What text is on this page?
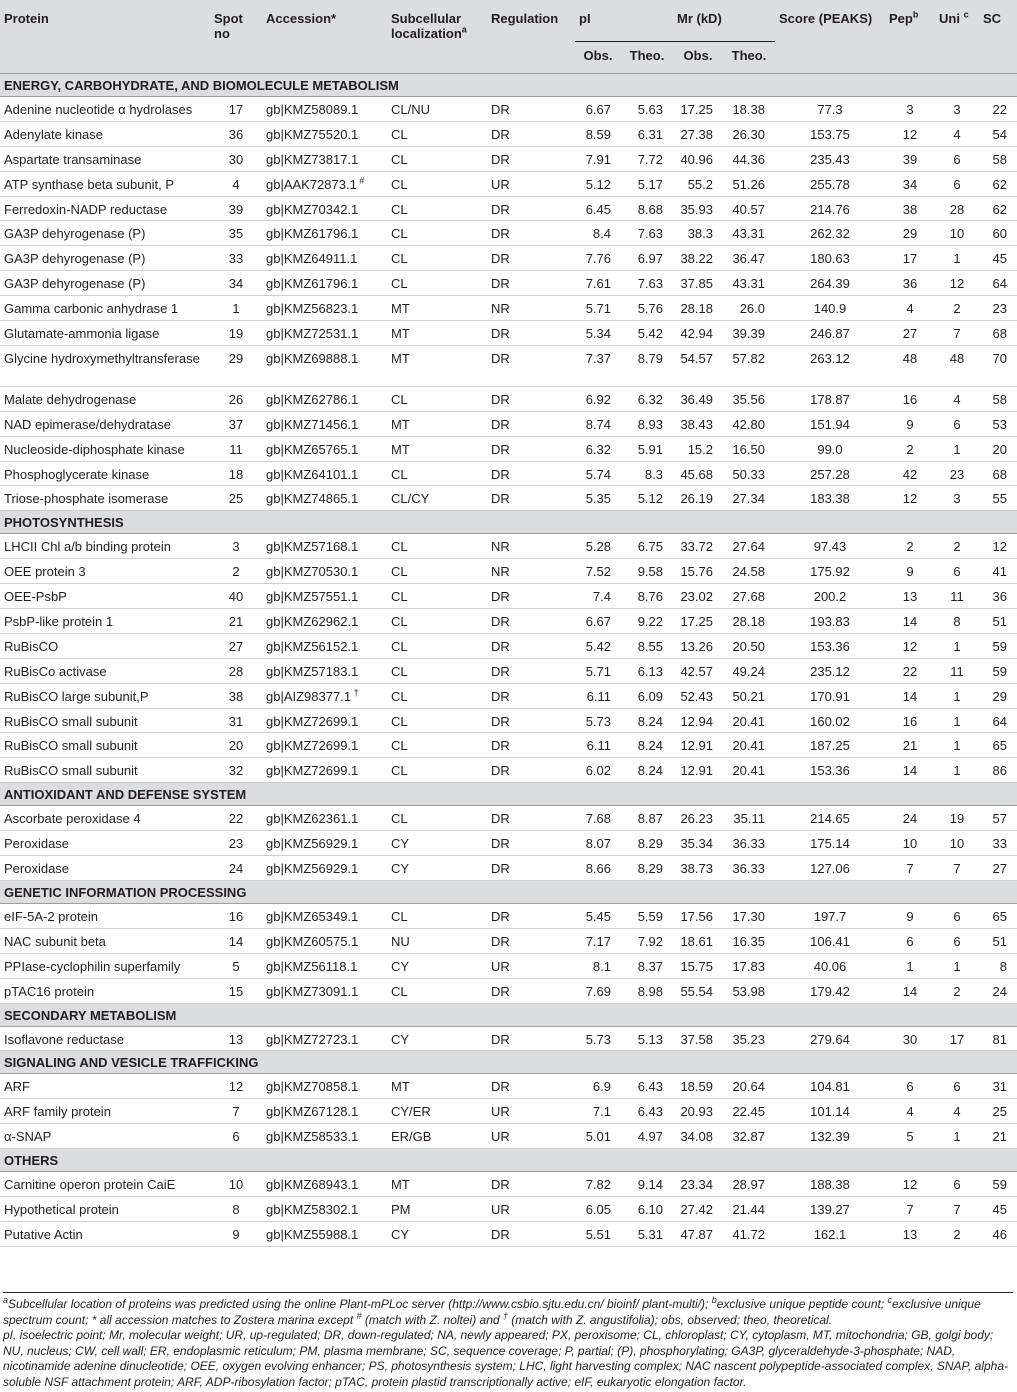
Protein	Spot no	Accession*	Subcellular localization$^a$	Regulation	pI		Mr (kD)		Score (PEAKS)	Pep$^b$	Uni $^c$	SC
					Obs.	Theo.	Obs.	Theo.				
ENERGY, CARBOHYDRATE, AND BIOMOLECULE METABOLISM												
Adenine nucleotide α hydrolases	17	gb|KMZ58089.1	CL/NU	DR	6.67	5.63	17.25	18.38	77.3	3	3	22
Adenylate kinase	36	gb|KMZ75520.1	CL	DR	8.59	6.31	27.38	26.30	153.75	12	4	54
Aspartate transaminase	30	gb|KMZ73817.1	CL	DR	7.91	7.72	40.96	44.36	235.43	39	6	58
ATP synthase beta subunit, P	4	gb|AAK72873.1 #	CL	UR	5.12	5.17	55.2	51.26	255.78	34	6	62
Ferredoxin-NADP reductase	39	gb|KMZ70342.1	CL	DR	6.45	8.68	35.93	40.57	214.76	38	28	62
GA3P dehyrogenase (P)	35	gb|KMZ61796.1	CL	DR	8.4	7.63	38.3	43.31	262.32	29	10	60
GA3P dehyrogenase (P)	33	gb|KMZ64911.1	CL	DR	7.76	6.97	38.22	36.47	180.63	17	1	45
GA3P dehyrogenase (P)	34	gb|KMZ61796.1	CL	DR	7.61	7.63	37.85	43.31	264.39	36	12	64
Gamma carbonic anhydrase 1	1	gb|KMZ56823.1	MT	NR	5.71	5.76	28.18	26.0	140.9	4	2	23
Glutamate-ammonia ligase	19	gb|KMZ72531.1	MT	DR	5.34	5.42	42.94	39.39	246.87	27	7	68
Glycine hydroxymethyltransferase	29	gb|KMZ69888.1	MT	DR	7.37	8.79	54.57	57.82	263.12	48	48	70
Malate dehydrogenase	26	gb|KMZ62786.1	CL	DR	6.92	6.32	36.49	35.56	178.87	16	4	58
NAD epimerase/dehydratase	37	gb|KMZ71456.1	MT	DR	8.74	8.93	38.43	42.80	151.94	9	6	53
Nucleoside-diphosphate kinase	11	gb|KMZ65765.1	MT	DR	6.32	5.91	15.2	16.50	99.0	2	1	20
Phosphoglycerate kinase	18	gb|KMZ64101.1	CL	DR	5.74	8.3	45.68	50.33	257.28	42	23	68
Triose-phosphate isomerase	25	gb|KMZ74865.1	CL/CY	DR	5.35	5.12	26.19	27.34	183.38	12	3	55
PHOTOSYNTHESIS												
LHCII Chl a/b binding protein	3	gb|KMZ57168.1	CL	NR	5.28	6.75	33.72	27.64	97.43	2	2	12
OEE protein 3	2	gb|KMZ70530.1	CL	NR	7.52	9.58	15.76	24.58	175.92	9	6	41
OEE-PsbP	40	gb|KMZ57551.1	CL	DR	7.4	8.76	23.02	27.68	200.2	13	11	36
PsbP-like protein 1	21	gb|KMZ62962.1	CL	DR	6.67	9.22	17.25	28.18	193.83	14	8	51
RuBisCO	27	gb|KMZ56152.1	CL	DR	5.42	8.55	13.26	20.50	153.36	12	1	59
RuBisCo activase	28	gb|KMZ57183.1	CL	DR	5.71	6.13	42.57	49.24	235.12	22	11	59
RuBisCO large subunit,P	38	gb|AIZ98377.1 †	CL	DR	6.11	6.09	52.43	50.21	170.91	14	1	29
RuBisCO small subunit	31	gb|KMZ72699.1	CL	DR	5.73	8.24	12.94	20.41	160.02	16	1	64
RuBisCO small subunit	20	gb|KMZ72699.1	CL	DR	6.11	8.24	12.91	20.41	187.25	21	1	65
RuBisCO small subunit	32	gb|KMZ72699.1	CL	DR	6.02	8.24	12.91	20.41	153.36	14	1	86
ANTIOXIDANT AND DEFENSE SYSTEM												
Ascorbate peroxidase 4	22	gb|KMZ62361.1	CL	DR	7.68	8.87	26.23	35.11	214.65	24	19	57
Peroxidase	23	gb|KMZ56929.1	CY	DR	8.07	8.29	35.34	36.33	175.14	10	10	33
Peroxidase	24	gb|KMZ56929.1	CY	DR	8.66	8.29	38.73	36.33	127.06	7	7	27
GENETIC INFORMATION PROCESSING												
eIF-5A-2 protein	16	gb|KMZ65349.1	CL	DR	5.45	5.59	17.56	17.30	197.7	9	6	65
NAC subunit beta	14	gb|KMZ60575.1	NU	DR	7.17	7.92	18.61	16.35	106.41	6	6	51
PPIase-cyclophilin superfamily	5	gb|KMZ56118.1	CY	UR	8.1	8.37	15.75	17.83	40.06	1	1	8
pTAC16 protein	15	gb|KMZ73091.1	CL	DR	7.69	8.98	55.54	53.98	179.42	14	2	24
SECONDARY METABOLISM												
Isoflavone reductase	13	gb|KMZ72723.1	CY	DR	5.73	5.13	37.58	35.23	279.64	30	17	81
SIGNALING AND VESICLE TRAFFICKING												
ARF	12	gb|KMZ70858.1	MT	DR	6.9	6.43	18.59	20.64	104.81	6	6	31
ARF family protein	7	gb|KMZ67128.1	CY/ER	UR	7.1	6.43	20.93	22.45	101.14	4	4	25
α-SNAP	6	gb|KMZ58533.1	ER/GB	UR	5.01	4.97	34.08	32.87	132.39	5	1	21
OTHERS												
Carnitine operon protein CaiE	10	gb|KMZ68943.1	MT	DR	7.82	9.14	23.34	28.97	188.38	12	6	59
Hypothetical protein	8	gb|KMZ58302.1	PM	UR	6.05	6.10	27.42	21.44	139.27	7	7	45
Putative Actin	9	gb|KMZ55988.1	CY	DR	5.51	5.31	47.87	41.72	162.1	13	2	46

$^a$Subcellular location of proteins was predicted using the online Plant-mPLoc server (http://www.csbio.sjtu.edu.cn/ bioinf/ plant-multi/); $^b$exclusive unique peptide count; $^c$exclusive unique spectrum count; * all accession matches to Zostera marina except # (match with Z. noltei) and † (match with Z. angustifolia); obs, observed; theo, theoretical.

pI, isoelectric point; Mr, molecular weight; UR, up-regulated; DR, down-regulated; NA, newly appeared; PX, peroxisome; CL, chloroplast; CY, cytoplasm, MT, mitochondria; GB, golgi body; NU, nucleus; CW, cell wall; ER, endoplasmic reticulum; PM, plasma membrane; SC, sequence coverage; P, partial; (P), phosphorylating; GA3P, glyceraldehyde-3-phosphate; NAD, nicotinamide adenine dinucleotide; OEE, oxygen evolving enhancer; PS, photosynthesis system; LHC, light harvesting complex; NAC nascent polypeptide-associated complex, SNAP, alpha-soluble NSF attachment protein; ARF, ADP-ribosylation factor; pTAC, protein plastid transcriptionally active; eIF, eukaryotic elongation factor.
